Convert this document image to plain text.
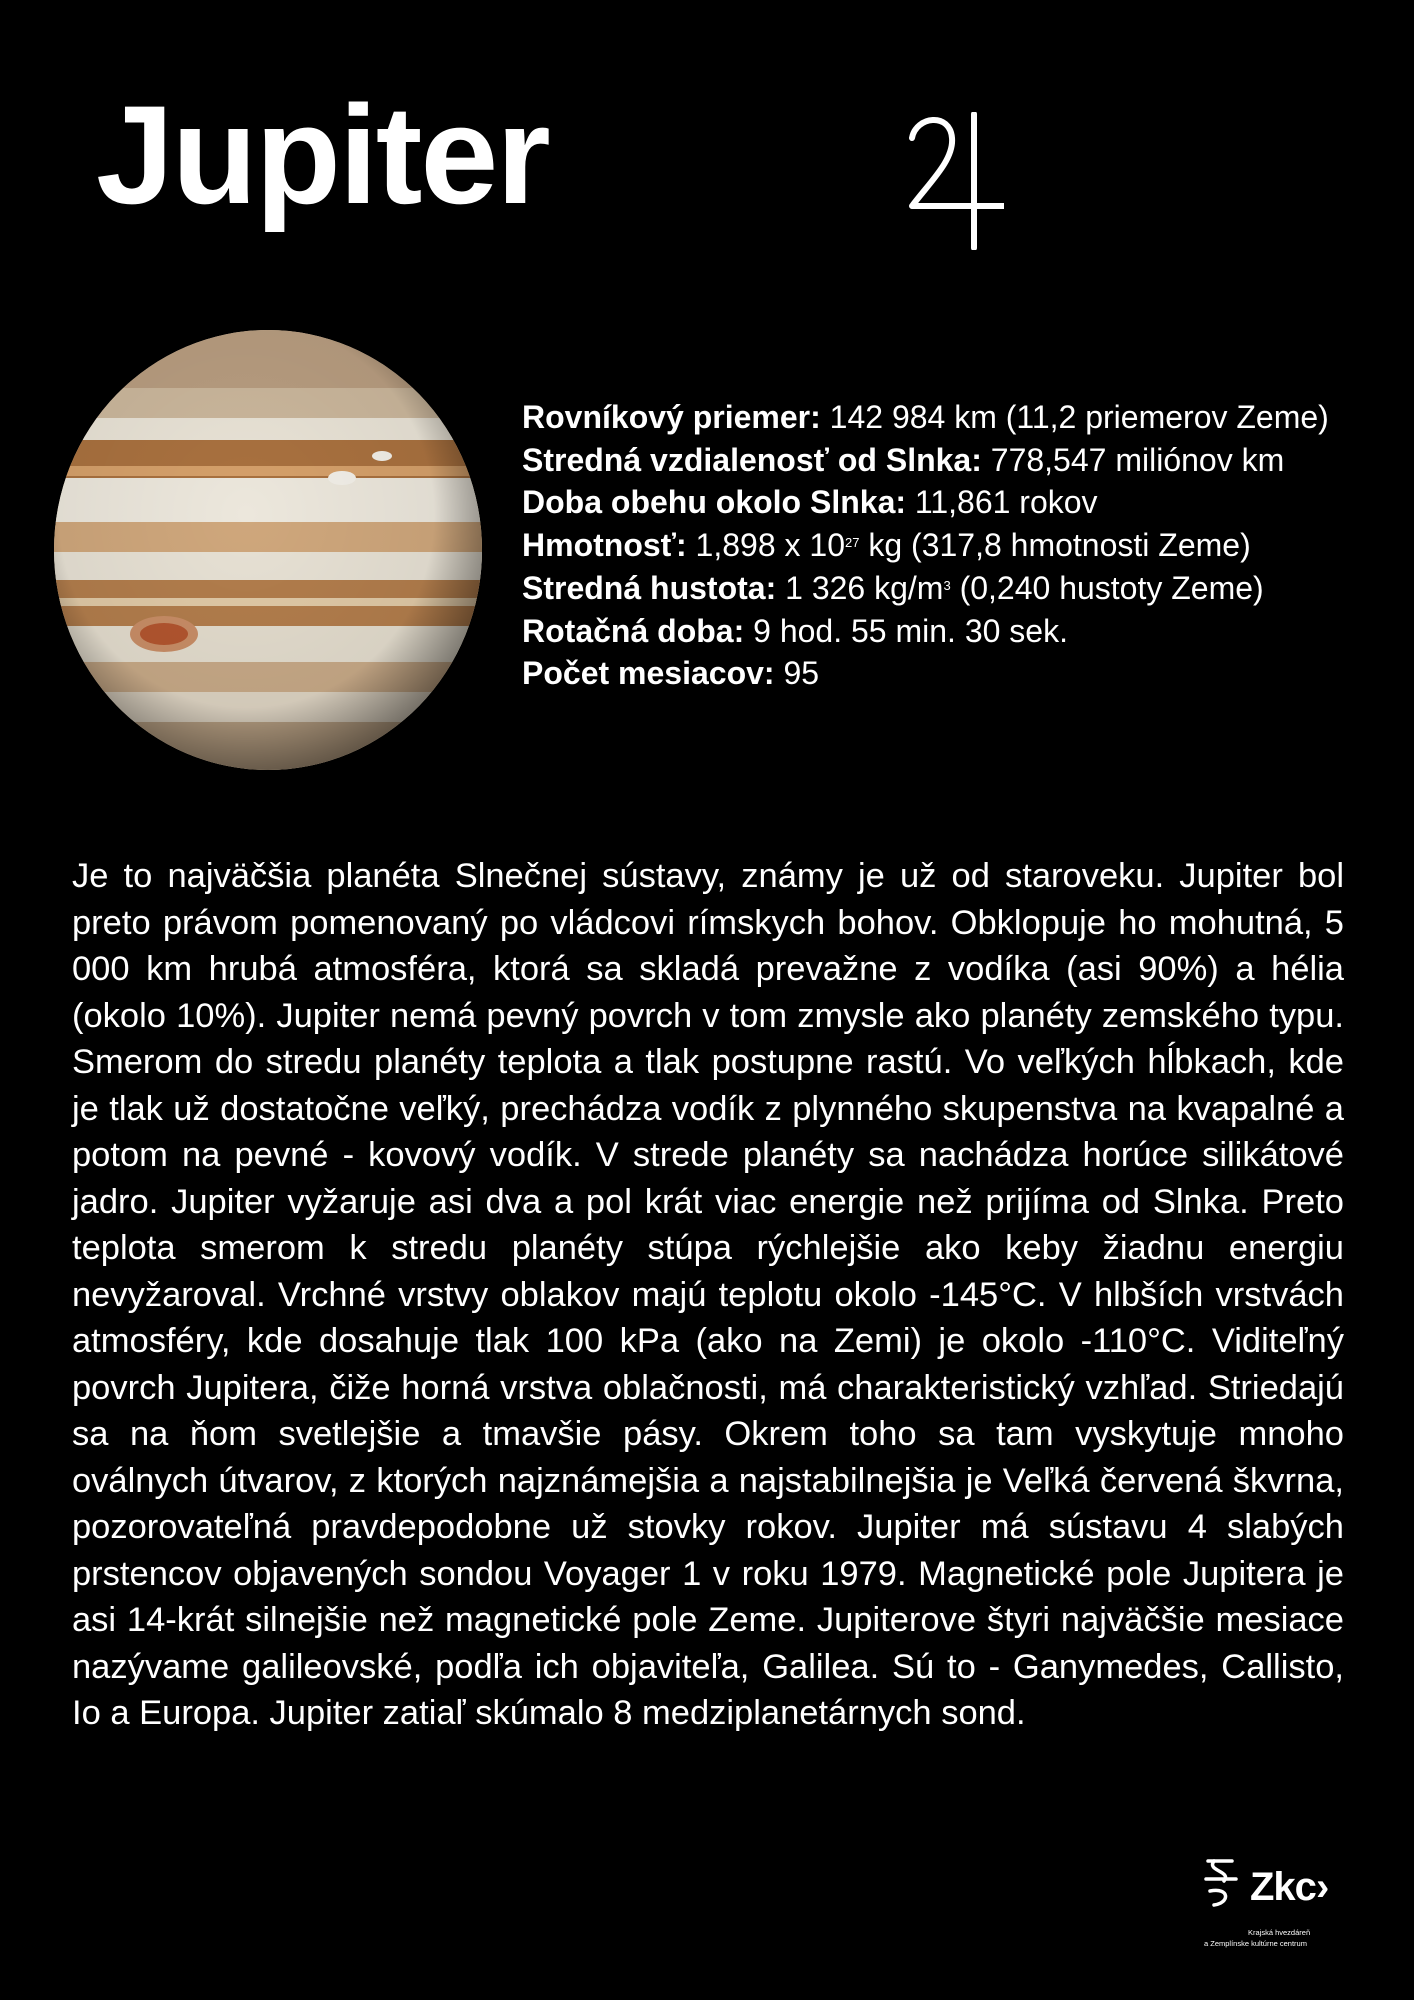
Jupiter
Rovníkový priemer: 142 984 km (11,2 priemerov Zeme)
Stredná vzdialenosť od Slnka: 778,547 miliónov km
Doba obehu okolo Slnka: 11,861 rokov
Hmotnosť: 1,898 x $10^{27}$ kg (317,8 hmotnosti Zeme)
Stredná hustota: 1 326 $kg/m^3$ (0,240 hustoty Zeme)
Rotačná doba: 9 hod. 55 min. 30 sek.
Počet mesiacov: 95
Je to najväčšia planéta Slnečnej sústavy, známy je už od staroveku. Jupiter bol preto právom pomenovaný po vládcovi rímskych bohov. Obklopuje ho mohutná, 5 000 km hrubá atmosféra, ktorá sa skladá prevažne z vodíka (asi 90%) a hélia (okolo 10%). Jupiter nemá pevný povrch v tom zmysle ako planéty zemského typu. Smerom do stredu planéty teplota a tlak postupne rastú. Vo veľkých hĺbkach, kde je tlak už dostatočne veľký, prechádza vodík z plynného skupenstva na kvapalné a potom na pevné - kovový vodík. V strede planéty sa nachádza horúce silikátové jadro. Jupiter vyžaruje asi dva a pol krát viac energie než prijíma od Slnka. Preto teplota smerom k stredu planéty stúpa rýchlejšie ako keby žiadnu energiu nevyžaroval. Vrchné vrstvy oblakov majú teplotu okolo -145°C. V hlbších vrstvách atmosféry, kde dosahuje tlak 100 kPa (ako na Zemi) je okolo -110°C. Viditeľný povrch Jupitera, čiže horná vrstva oblačnosti, má charakteristický vzhľad. Striedajú sa na ňom svetlejšie a tmavšie pásy. Okrem toho sa tam vyskytuje mnoho oválnych útvarov, z ktorých najznámejšia a najstabilnejšia je Veľká červená škvrna, pozorovateľná pravdepodobne už stovky rokov. Jupiter má sústavu 4 slabých prstencov objavených sondou Voyager 1 v roku 1979. Magnetické pole Jupitera je asi 14-krát silnejšie než magnetické pole Zeme. Jupiterove štyri najväčšie mesiace nazývame galileovské, podľa ich objaviteľa, Galilea. Sú to - Ganymedes, Callisto, Io a Europa. Jupiter zatiaľ skúmalo 8 medziplanetárnych sond.
Zkc›
Krajská hvezdáreň
a Zemplínske kultúrne centrum
